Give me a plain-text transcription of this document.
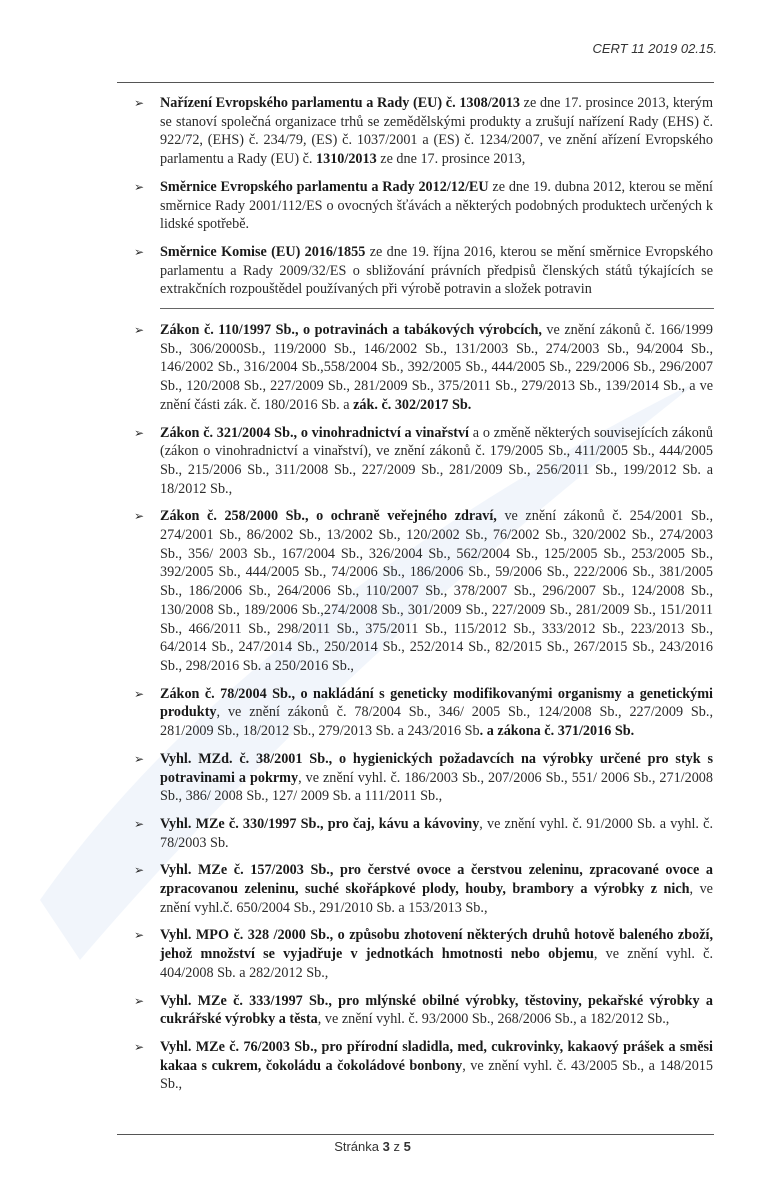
CERT 11 2019 02.15.
➢ Nařízení Evropského parlamentu a Rady (EU) č. 1308/2013 ze dne 17. prosince 2013, kterým se stanoví společná organizace trhů se zemědělskými produkty a zrušují nařízení Rady (EHS) č. 922/72, (EHS) č. 234/79, (ES) č. 1037/2001 a (ES) č. 1234/2007, ve znění ařízení Evropského parlamentu a Rady (EU) č. 1310/2013 ze dne 17. prosince 2013,
➢ Směrnice Evropského parlamentu a Rady 2012/12/EU ze dne 19. dubna 2012, kterou se mění směrnice Rady 2001/112/ES o ovocných šťávách a některých podobných produktech určených k lidské spotřebě.
➢ Směrnice Komise (EU) 2016/1855 ze dne 19. října 2016, kterou se mění směrnice Evropského parlamentu a Rady 2009/32/ES o sbližování právních předpisů členských států týkajících se extrakčních rozpouštědel používaných při výrobě potravin a složek potravin
➢ Zákon č. 110/1997 Sb., o potravinách a tabákových výrobcích, ve znění zákonů č. 166/1999 Sb., 306/2000Sb., 119/2000 Sb., 146/2002 Sb., 131/2003 Sb., 274/2003 Sb., 94/2004 Sb., 146/2002 Sb., 316/2004 Sb.,558/2004 Sb., 392/2005 Sb., 444/2005 Sb., 229/2006 Sb., 296/2007 Sb., 120/2008 Sb., 227/2009 Sb., 281/2009 Sb., 375/2011 Sb., 279/2013 Sb., 139/2014 Sb., a ve znění části zák. č. 180/2016 Sb. a zák. č. 302/2017 Sb.
➢ Zákon č. 321/2004 Sb., o vinohradnictví a vinařství a o změně některých souvisejících zákonů (zákon o vinohradnictví a vinařství), ve znění zákonů č. 179/2005 Sb., 411/2005 Sb., 444/2005 Sb., 215/2006 Sb., 311/2008 Sb., 227/2009 Sb., 281/2009 Sb., 256/2011 Sb., 199/2012 Sb. a 18/2012 Sb.,
➢ Zákon č. 258/2000 Sb., o ochraně veřejného zdraví, ve znění zákonů č. 254/2001 Sb., 274/2001 Sb., 86/2002 Sb., 13/2002 Sb., 120/2002 Sb., 76/2002 Sb., 320/2002 Sb., 274/2003 Sb., 356/ 2003 Sb., 167/2004 Sb., 326/2004 Sb., 562/2004 Sb., 125/2005 Sb., 253/2005 Sb., 392/2005 Sb., 444/2005 Sb., 74/2006 Sb., 186/2006 Sb., 59/2006 Sb., 222/2006 Sb., 381/2005 Sb., 186/2006 Sb., 264/2006 Sb., 110/2007 Sb., 378/2007 Sb., 296/2007 Sb., 124/2008 Sb., 130/2008 Sb., 189/2006 Sb.,274/2008 Sb., 301/2009 Sb., 227/2009 Sb., 281/2009 Sb., 151/2011 Sb., 466/2011 Sb., 298/2011 Sb., 375/2011 Sb., 115/2012 Sb., 333/2012 Sb., 223/2013 Sb., 64/2014 Sb., 247/2014 Sb., 250/2014 Sb., 252/2014 Sb., 82/2015 Sb., 267/2015 Sb., 243/2016 Sb., 298/2016 Sb. a 250/2016 Sb.,
➢ Zákon č. 78/2004 Sb., o nakládání s geneticky modifikovanými organismy a genetickými produkty, ve znění zákonů č. 78/2004 Sb., 346/ 2005 Sb., 124/2008 Sb., 227/2009 Sb., 281/2009 Sb., 18/2012 Sb., 279/2013 Sb. a 243/2016 Sb. a zákona č. 371/2016 Sb.
➢ Vyhl. MZd. č. 38/2001 Sb., o hygienických požadavcích na výrobky určené pro styk s potravinami a pokrmy, ve znění vyhl. č. 186/2003 Sb., 207/2006 Sb., 551/ 2006 Sb., 271/2008 Sb., 386/ 2008 Sb., 127/ 2009 Sb. a 111/2011 Sb.,
➢ Vyhl. MZe č. 330/1997 Sb., pro čaj, kávu a kávoviny, ve znění vyhl. č. 91/2000 Sb. a vyhl. č. 78/2003 Sb.
➢ Vyhl. MZe č. 157/2003 Sb., pro čerstvé ovoce a čerstvou zeleninu, zpracované ovoce a zpracovanou zeleninu, suché skořápkové plody, houby, brambory a výrobky z nich, ve znění vyhl.č. 650/2004 Sb., 291/2010 Sb. a 153/2013 Sb.,
➢ Vyhl. MPO č. 328 /2000 Sb., o způsobu zhotovení některých druhů hotově baleného zboží, jehož množství se vyjadřuje v jednotkách hmotnosti nebo objemu, ve znění vyhl. č. 404/2008 Sb. a 282/2012 Sb.,
➢ Vyhl. MZe č. 333/1997 Sb., pro mlýnské obilné výrobky, těstoviny, pekařské výrobky a cukrářské výrobky a těsta, ve znění vyhl. č. 93/2000 Sb., 268/2006 Sb., a 182/2012 Sb.,
➢ Vyhl. MZe č. 76/2003 Sb., pro přírodní sladidla, med, cukrovinky, kakaový prášek a směsi kakaa s cukrem, čokoládu a čokoládové bonbony, ve znění vyhl. č. 43/2005 Sb., a 148/2015 Sb.,
Stránka 3 z 5
